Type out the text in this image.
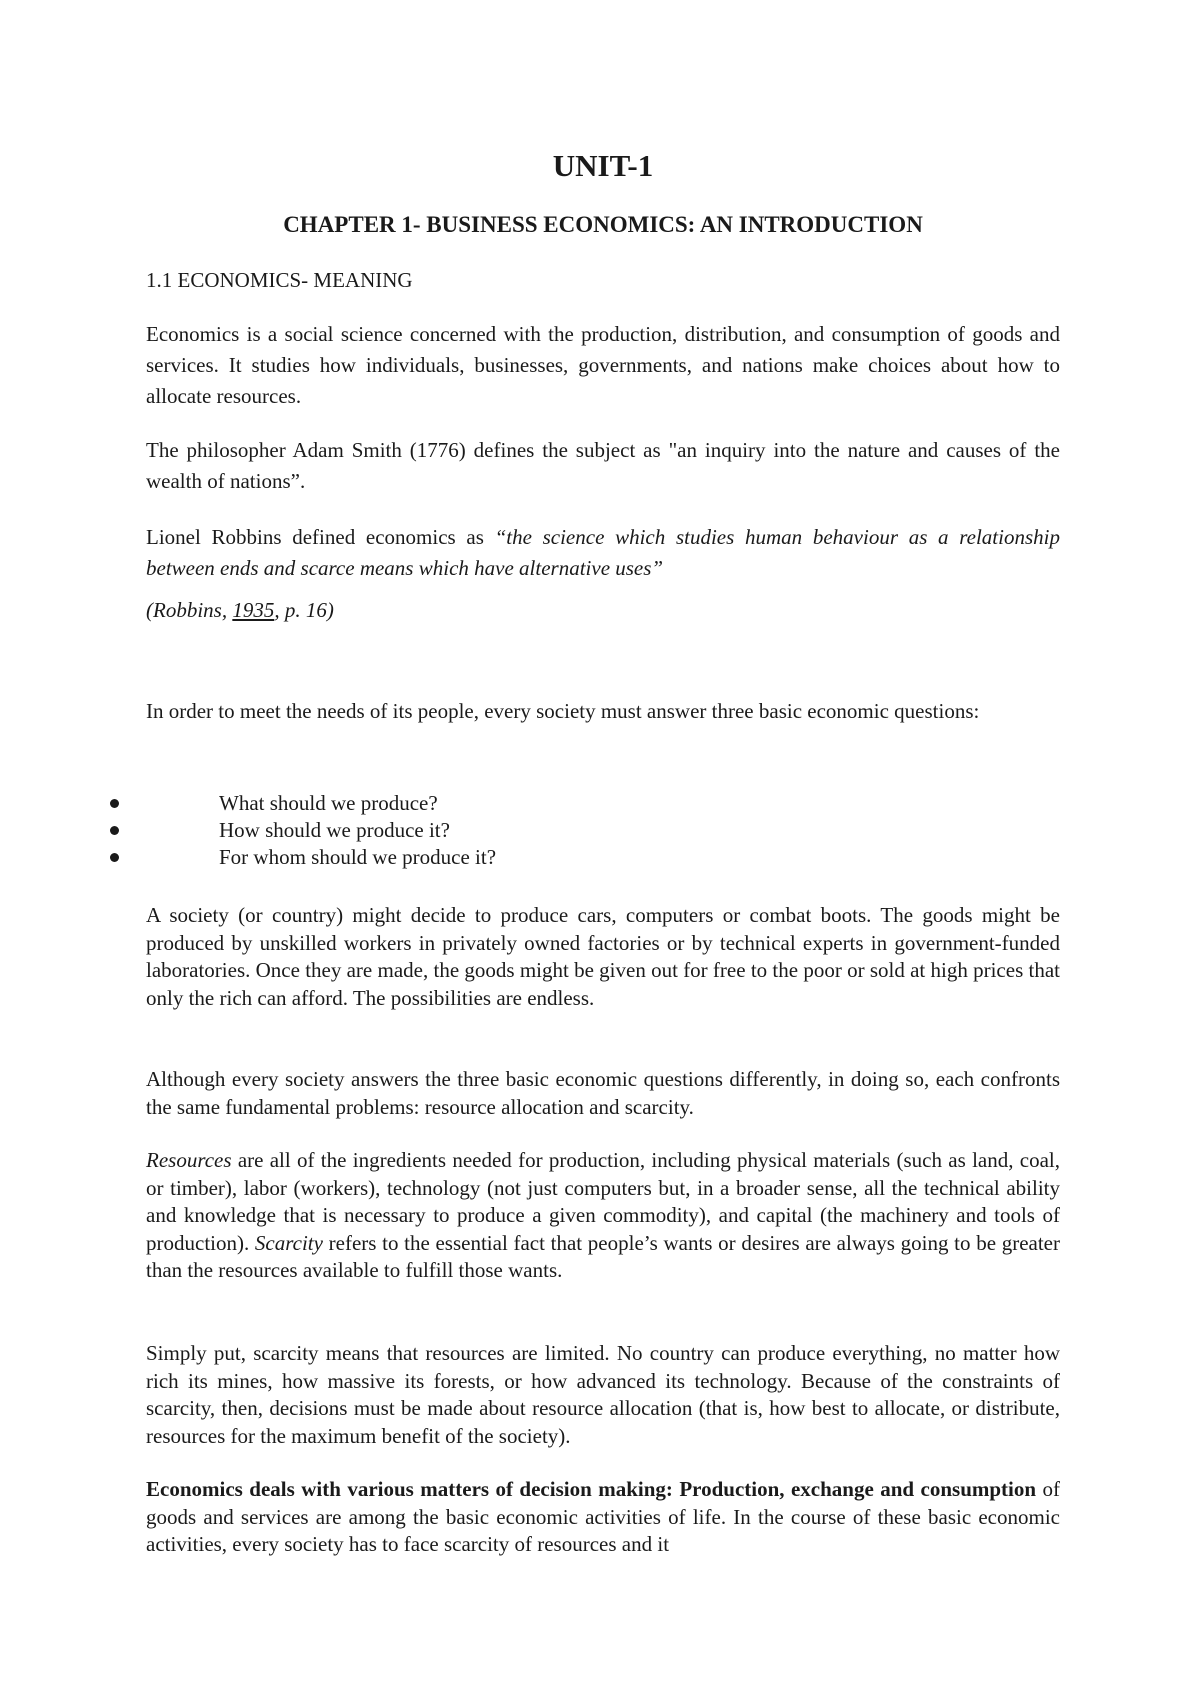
UNIT-1
CHAPTER 1- BUSINESS ECONOMICS: AN INTRODUCTION
1.1 ECONOMICS- MEANING

Economics is a social science concerned with the production, distribution, and consumption of goods and services. It studies how individuals, businesses, governments, and nations make choices about how to allocate resources.

The philosopher Adam Smith (1776) defines the subject as "an inquiry into the nature and causes of the wealth of nations”.

Lionel Robbins defined economics as “the science which studies human behaviour as a relationship between ends and scarce means which have alternative uses”

(Robbins, 1935, p. 16)

In order to meet the needs of its people, every society must answer three basic economic questions:

What should we produce?
How should we produce it?
For whom should we produce it?

A society (or country) might decide to produce cars, computers or combat boots. The goods might be produced by unskilled workers in privately owned factories or by technical experts in government-funded laboratories. Once they are made, the goods might be given out for free to the poor or sold at high prices that only the rich can afford. The possibilities are endless.

Although every society answers the three basic economic questions differently, in doing so, each confronts the same fundamental problems: resource allocation and scarcity.

Resources are all of the ingredients needed for production, including physical materials (such as land, coal, or timber), labor (workers), technology (not just computers but, in a broader sense, all the technical ability and knowledge that is necessary to produce a given commodity), and capital (the machinery and tools of production). Scarcity refers to the essential fact that people’s wants or desires are always going to be greater than the resources available to fulfill those wants.

Simply put, scarcity means that resources are limited. No country can produce everything, no matter how rich its mines, how massive its forests, or how advanced its technology. Because of the constraints of scarcity, then, decisions must be made about resource allocation (that is, how best to allocate, or distribute, resources for the maximum benefit of the society).

Economics deals with various matters of decision making: Production, exchange and consumption of goods and services are among the basic economic activities of life. In the course of these basic economic activities, every society has to face scarcity of resources and it
